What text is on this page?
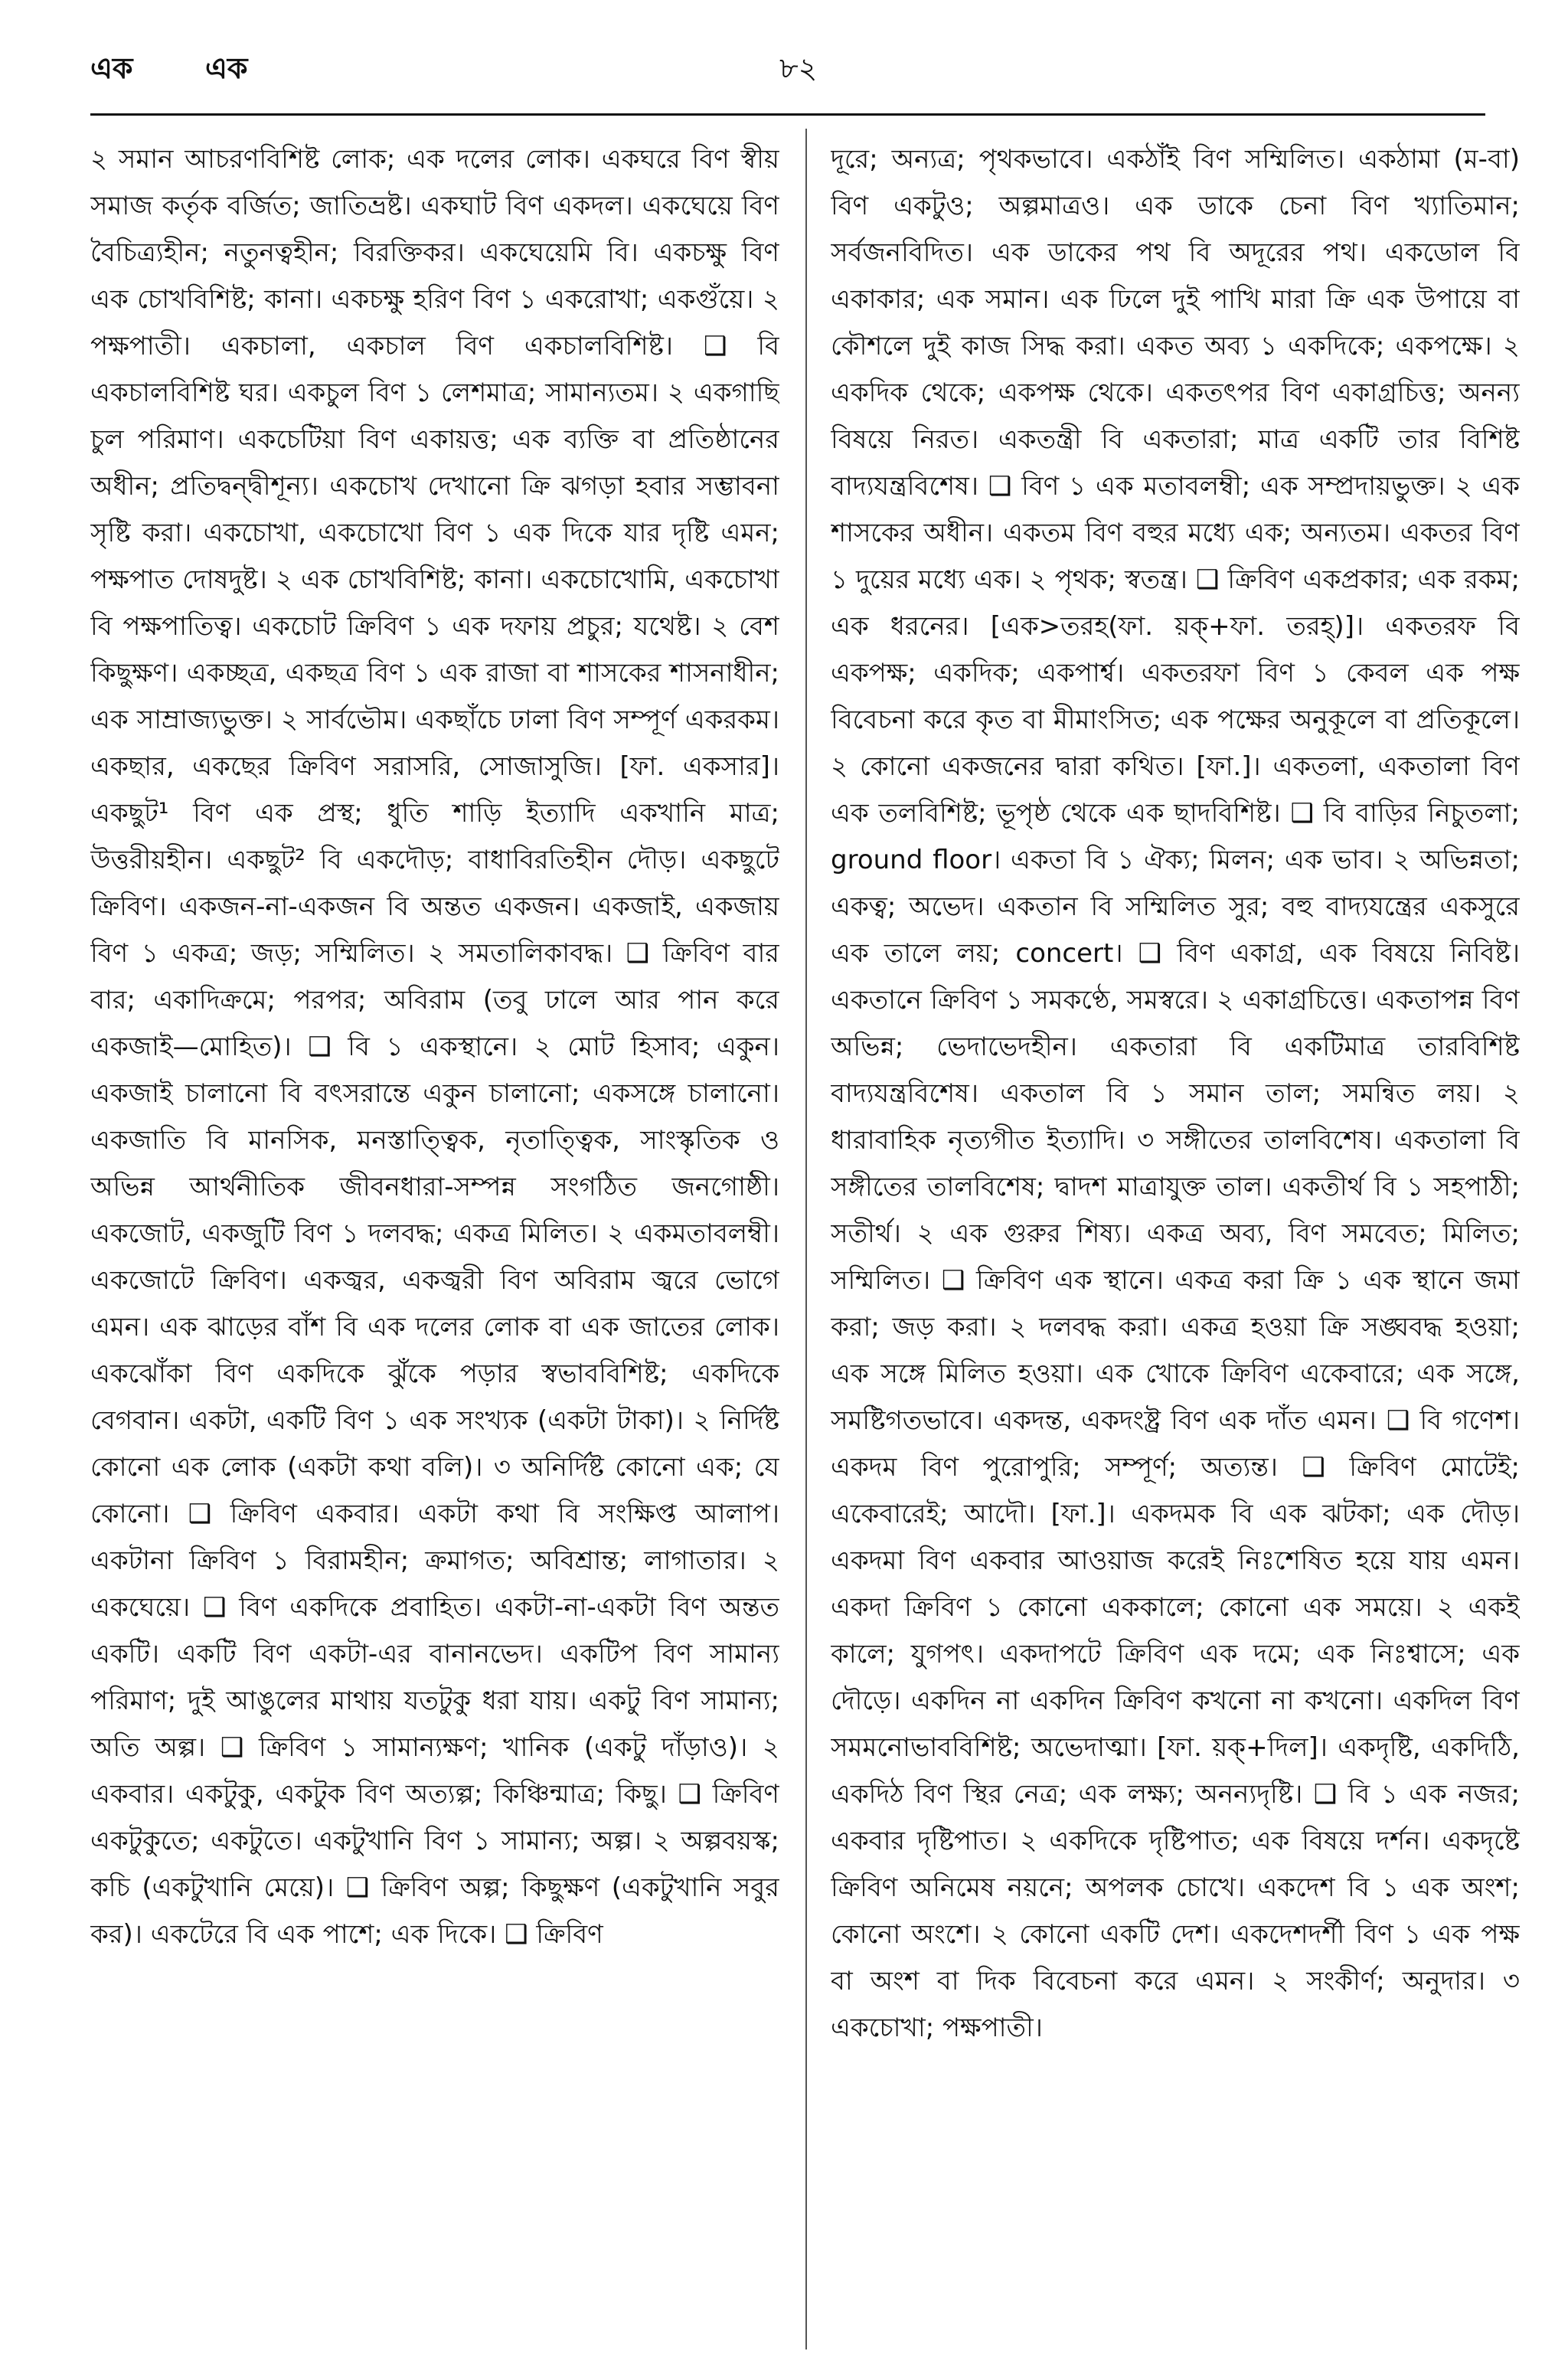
এক এক	৮২

২ সমান আচরণবিশিষ্ট লোক; এক দলের লোক। একঘরে বিণ স্বীয় সমাজ কর্তৃক বর্জিত; জাতিভ্রষ্ট। একঘাট বিণ একদল। একঘেয়ে বিণ বৈচিত্র্যহীন; নতুনত্বহীন; বিরক্তিকর। একঘেয়েমি বি। একচক্ষু বিণ এক চোখবিশিষ্ট; কানা। একচক্ষু হরিণ বিণ ১ একরোখা; একগুঁয়ে। ২ পক্ষপাতী। একচালা, একচাল বিণ একচালবিশিষ্ট। ❑ বি একচালবিশিষ্ট ঘর। একচুল বিণ ১ লেশমাত্র; সামান্যতম। ২ একগাছি চুল পরিমাণ। একচেটিয়া বিণ একায়ত্ত; এক ব্যক্তি বা প্রতিষ্ঠানের অধীন; প্রতিদ্বন্দ্বীশূন্য। একচোখ দেখানো ক্রি ঝগড়া হবার সম্ভাবনা সৃষ্টি করা। একচোখা, একচোখো বিণ ১ এক দিকে যার দৃষ্টি এমন; পক্ষপাত দোষদুষ্ট। ২ এক চোখবিশিষ্ট; কানা। একচোখোমি, একচোখা বি পক্ষপাতিত্ব। একচোট ক্রিবিণ ১ এক দফায় প্রচুর; যথেষ্ট। ২ বেশ কিছুক্ষণ। একচ্ছত্র, একছত্র বিণ ১ এক রাজা বা শাসকের শাসনাধীন; এক সাম্রাজ্যভুক্ত। ২ সার্বভৌম। একছাঁচে ঢালা বিণ সম্পূর্ণ একরকম। একছার, একছের ক্রিবিণ সরাসরি, সোজাসুজি। [ফা. একসার]। একছুট¹ বিণ এক প্রস্থ; ধুতি শাড়ি ইত্যাদি একখানি মাত্র; উত্তরীয়হীন। একছুট² বি একদৌড়; বাধাবিরতিহীন দৌড়। একছুটে ক্রিবিণ। একজন-না-একজন বি অন্তত একজন। একজাই, একজায় বিণ ১ একত্র; জড়; সম্মিলিত। ২ সমতালিকাবদ্ধ। ❑ ক্রিবিণ বার বার; একাদিক্রমে; পরপর; অবিরাম (তবু ঢালে আর পান করে একজাই—মোহিত)। ❑ বি ১ একস্থানে। ২ মোট হিসাব; একুন। একজাই চালানো বি বৎসরান্তে একুন চালানো; একসঙ্গে চালানো। একজাতি বি মানসিক, মনস্তাত্ত্বিক, নৃতাত্ত্বিক, সাংস্কৃতিক ও অভিন্ন আর্থনীতিক জীবনধারা-সম্পন্ন সংগঠিত জনগোষ্ঠী। একজোট, একজুটি বিণ ১ দলবদ্ধ; একত্র মিলিত। ২ একমতাবলম্বী। একজোটে ক্রিবিণ। একজ্বর, একজ্বরী বিণ অবিরাম জ্বরে ভোগে এমন। এক ঝাড়ের বাঁশ বি এক দলের লোক বা এক জাতের লোক। একঝোঁকা বিণ একদিকে ঝুঁকে পড়ার স্বভাববিশিষ্ট; একদিকে বেগবান। একটা, একটি বিণ ১ এক সংখ্যক (একটা টাকা)। ২ নির্দিষ্ট কোনো এক লোক (একটা কথা বলি)। ৩ অনির্দিষ্ট কোনো এক; যে কোনো। ❑ ক্রিবিণ একবার। একটা কথা বি সংক্ষিপ্ত আলাপ। একটানা ক্রিবিণ ১ বিরামহীন; ক্রমাগত; অবিশ্রান্ত; লাগাতার। ২ একঘেয়ে। ❑ বিণ একদিকে প্রবাহিত। একটা-না-একটা বিণ অন্তত একটি। একটি বিণ একটা-এর বানানভেদ। একটিপ বিণ সামান্য পরিমাণ; দুই আঙুলের মাথায় যতটুকু ধরা যায়। একটু বিণ সামান্য; অতি অল্প। ❑ ক্রিবিণ ১ সামান্যক্ষণ; খানিক (একটু দাঁড়াও)। ২ একবার। একটুকু, একটুক বিণ অত্যল্প; কিঞ্চিন্মাত্র; কিছু। ❑ ক্রিবিণ একটুকুতে; একটুতে। একটুখানি বিণ ১ সামান্য; অল্প। ২ অল্পবয়স্ক; কচি (একটুখানি মেয়ে)। ❑ ক্রিবিণ অল্প; কিছুক্ষণ (একটুখানি সবুর কর)। একটেরে বি এক পাশে; এক দিকে। ❑ ক্রিবিণ

দূরে; অন্যত্র; পৃথকভাবে। একঠাঁই বিণ সম্মিলিত। একঠামা (ম-বা) বিণ একটুও; অল্পমাত্রও। এক ডাকে চেনা বিণ খ্যাতিমান; সর্বজনবিদিত। এক ডাকের পথ বি অদূরের পথ। একডোল বি একাকার; এক সমান। এক ঢিলে দুই পাখি মারা ক্রি এক উপায়ে বা কৌশলে দুই কাজ সিদ্ধ করা। একত অব্য ১ একদিকে; একপক্ষে। ২ একদিক থেকে; একপক্ষ থেকে। একতৎপর বিণ একাগ্রচিত্ত; অনন্য বিষয়ে নিরত। একতন্ত্রী বি একতারা; মাত্র একটি তার বিশিষ্ট বাদ্যযন্ত্রবিশেষ। ❑ বিণ ১ এক মতাবলম্বী; এক সম্প্রদায়ভুক্ত। ২ এক শাসকের অধীন। একতম বিণ বহুর মধ্যে এক; অন্যতম। একতর বিণ ১ দুয়ের মধ্যে এক। ২ পৃথক; স্বতন্ত্র। ❑ ক্রিবিণ একপ্রকার; এক রকম; এক ধরনের। [এক>তরহ(ফা. য়ক্+ফা. তরহ্)]। একতরফ বি একপক্ষ; একদিক; একপার্শ্ব। একতরফা বিণ ১ কেবল এক পক্ষ বিবেচনা করে কৃত বা মীমাংসিত; এক পক্ষের অনুকূলে বা প্রতিকূলে। ২ কোনো একজনের দ্বারা কথিত। [ফা.]। একতলা, একতালা বিণ এক তলবিশিষ্ট; ভূপৃষ্ঠ থেকে এক ছাদবিশিষ্ট। ❑ বি বাড়ির নিচুতলা; ground floor। একতা বি ১ ঐক্য; মিলন; এক ভাব। ২ অভিন্নতা; একত্ব; অভেদ। একতান বি সম্মিলিত সুর; বহু বাদ্যযন্ত্রের একসুরে এক তালে লয়; concert। ❑ বিণ একাগ্র, এক বিষয়ে নিবিষ্ট। একতানে ক্রিবিণ ১ সমকণ্ঠে, সমস্বরে। ২ একাগ্রচিত্তে। একতাপন্ন বিণ অভিন্ন; ভেদাভেদহীন। একতারা বি একটিমাত্র তারবিশিষ্ট বাদ্যযন্ত্রবিশেষ। একতাল বি ১ সমান তাল; সমন্বিত লয়। ২ ধারাবাহিক নৃত্যগীত ইত্যাদি। ৩ সঙ্গীতের তালবিশেষ। একতালা বি সঙ্গীতের তালবিশেষ; দ্বাদশ মাত্রাযুক্ত তাল। একতীর্থ বি ১ সহপাঠী; সতীর্থ। ২ এক গুরুর শিষ্য। একত্র অব্য, বিণ সমবেত; মিলিত; সম্মিলিত। ❑ ক্রিবিণ এক স্থানে। একত্র করা ক্রি ১ এক স্থানে জমা করা; জড় করা। ২ দলবদ্ধ করা। একত্র হওয়া ক্রি সঙ্ঘবদ্ধ হওয়া; এক সঙ্গে মিলিত হওয়া। এক খোকে ক্রিবিণ একেবারে; এক সঙ্গে, সমষ্টিগতভাবে। একদন্ত, একদংষ্ট্র বিণ এক দাঁত এমন। ❑ বি গণেশ। একদম বিণ পুরোপুরি; সম্পূর্ণ; অত্যন্ত। ❑ ক্রিবিণ মোটেই; একেবারেই; আদৌ। [ফা.]। একদমক বি এক ঝটকা; এক দৌড়। একদমা বিণ একবার আওয়াজ করেই নিঃশেষিত হয়ে যায় এমন। একদা ক্রিবিণ ১ কোনো এককালে; কোনো এক সময়ে। ২ একই কালে; যুগপৎ। একদাপটে ক্রিবিণ এক দমে; এক নিঃশ্বাসে; এক দৌড়ে। একদিন না একদিন ক্রিবিণ কখনো না কখনো। একদিল বিণ সমমনোভাববিশিষ্ট; অভেদাত্মা। [ফা. য়ক্+দিল]। একদৃষ্টি, একদিঠি, একদিঠ বিণ স্থির নেত্র; এক লক্ষ্য; অনন্যদৃষ্টি। ❑ বি ১ এক নজর; একবার দৃষ্টিপাত। ২ একদিকে দৃষ্টিপাত; এক বিষয়ে দর্শন। একদৃষ্টে ক্রিবিণ অনিমেষ নয়নে; অপলক চোখে। একদেশ বি ১ এক অংশ; কোনো অংশে। ২ কোনো একটি দেশ। একদেশদর্শী বিণ ১ এক পক্ষ বা অংশ বা দিক বিবেচনা করে এমন। ২ সংকীর্ণ; অনুদার। ৩ একচোখা; পক্ষপাতী।
